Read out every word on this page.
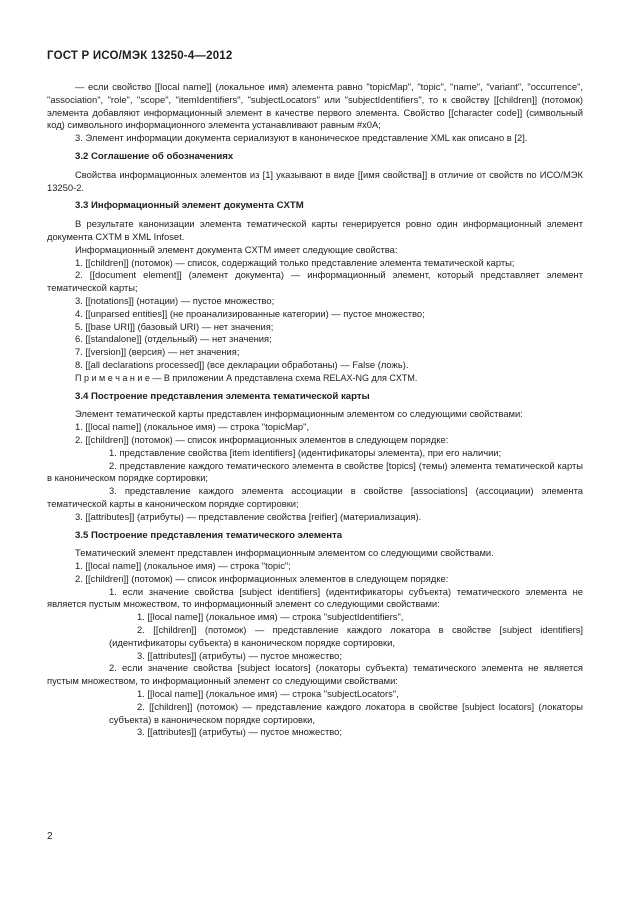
ГОСТ Р ИСО/МЭК 13250-4—2012
— если свойство [[local name]] (локальное имя) элемента равно "topicMap", "topic", "name", "variant", "occurrence", "association", "role", "scope", "itemIdentifiers", "subjectLocators" или "subjectIdentifiers", то к свойству [[children]] (потомок) элемента добавляют информационный элемент в качестве первого элемента. Свойство [[character code]] (символьный код) символьного информационного элемента устанавливают равным #x0A;
3. Элемент информации документа сериализуют в каноническое представление XML как описано в [2].
3.2 Соглашение об обозначениях
Свойства информационных элементов из [1] указывают в виде [[имя свойства]] в отличие от свойств по ИСО/МЭК 13250-2.
3.3 Информационный элемент документа CXTM
В результате канонизации элемента тематической карты генерируется ровно один информационный элемент документа CXTM в XML Infoset.
Информационный элемент документа CXTM имеет следующие свойства:
1. [[children]] (потомок) — список, содержащий только представление элемента тематической карты;
2. [[document element]] (элемент документа) — информационный элемент, который представляет элемент тематической карты;
3. [[notations]] (нотации) — пустое множество;
4. [[unparsed entities]] (не проанализированные категории) — пустое множество;
5. [[base URI]] (базовый URI) — нет значения;
6. [[standalone]] (отдельный) — нет значения;
7. [[version]] (версия) — нет значения;
8. [[all declarations processed]] (все декларации обработаны) — False (ложь).
П р и м е ч а н и е — В приложении А представлена схема RELAX-NG для CXTM.
3.4 Построение представления элемента тематической карты
Элемент тематической карты представлен информационным элементом со следующими свойствами:
1. [[local name]] (локальное имя) — строка "topicMap",
2. [[children]] (потомок) — список информационных элементов в следующем порядке:
1. представление свойства [item identifiers] (идентификаторы элемента), при его наличии;
2. представление каждого тематического элемента в свойстве [topics] (темы) элемента тематической карты в каноническом порядке сортировки;
3. представление каждого элемента ассоциации в свойстве [associations] (ассоциации) элемента тематической карты в каноническом порядке сортировки;
3. [[attributes]] (атрибуты) — представление свойства [reifier] (материализация).
3.5 Построение представления тематического элемента
Тематический элемент представлен информационным элементом со следующими свойствами.
1. [[local name]] (локальное имя) — строка "topic";
2. [[children]] (потомок) — список информационных элементов в следующем порядке:
1. если значение свойства [subject identifiers] (идентификаторы субъекта) тематического элемента не является пустым множеством, то информационный элемент со следующими свойствами:
1. [[local name]] (локальное имя) — строка "subjectIdentifiers",
2. [[children]] (потомок) — представление каждого локатора в свойстве [subject identifiers] (идентификаторы субъекта) в каноническом порядке сортировки,
3. [[attributes]] (атрибуты) — пустое множество;
2. если значение свойства [subject locators] (локаторы субъекта) тематического элемента не является пустым множеством, то информационный элемент со следующими свойствами:
1. [[local name]] (локальное имя) — строка "subjectLocators",
2. [[children]] (потомок) — представление каждого локатора в свойстве [subject locators] (локаторы субъекта) в каноническом порядке сортировки,
3. [[attributes]] (атрибуты) — пустое множество;
2
